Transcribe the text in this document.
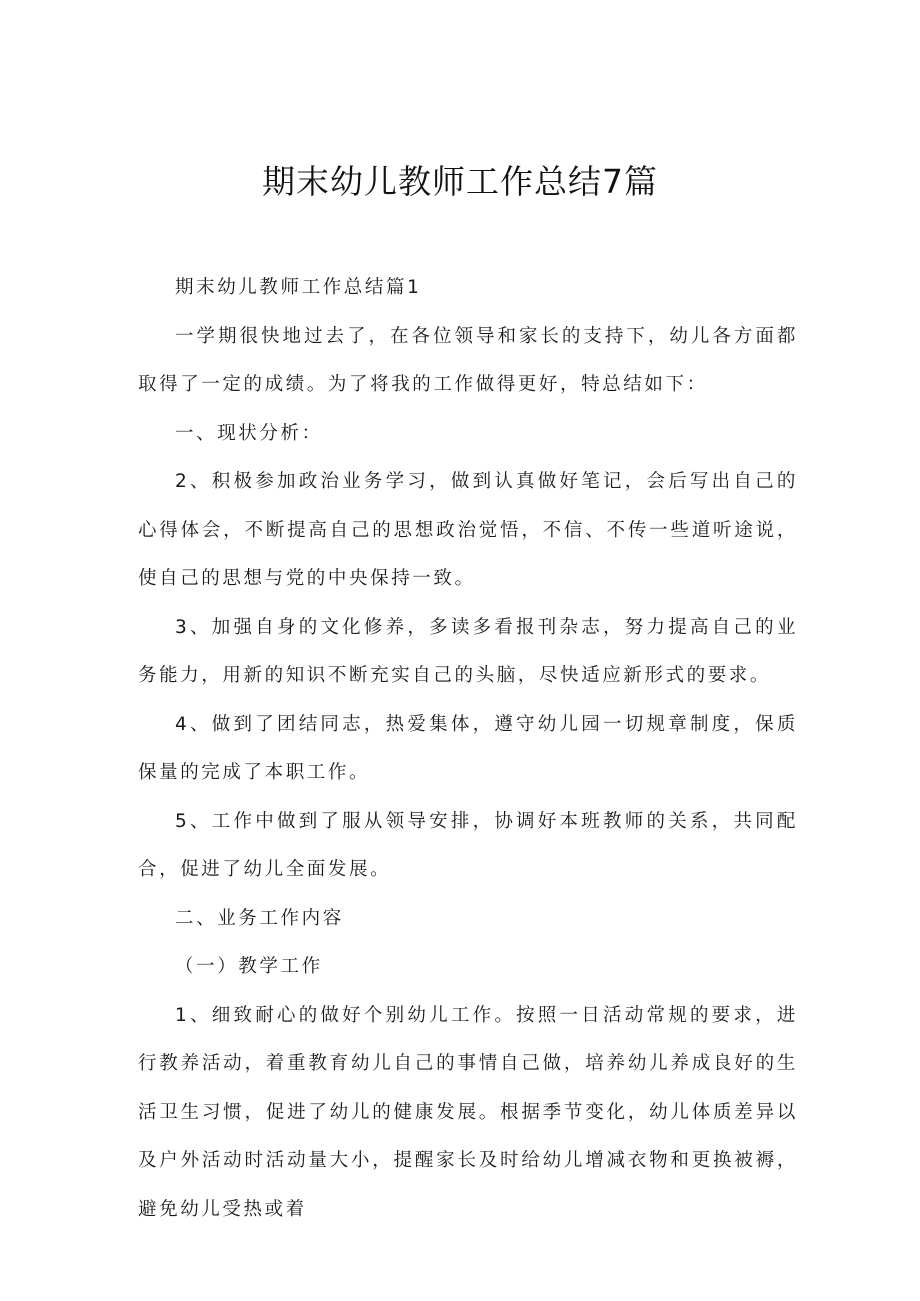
期末幼儿教师工作总结7篇

期末幼儿教师工作总结篇1

一学期很快地过去了，在各位领导和家长的支持下，幼儿各方面都取得了一定的成绩。为了将我的工作做得更好，特总结如下：

一、现状分析：

2、积极参加政治业务学习，做到认真做好笔记，会后写出自己的心得体会，不断提高自己的思想政治觉悟，不信、不传一些道听途说，使自己的思想与党的中央保持一致。

3、加强自身的文化修养，多读多看报刊杂志，努力提高自己的业务能力，用新的知识不断充实自己的头脑，尽快适应新形式的要求。

4、做到了团结同志，热爱集体，遵守幼儿园一切规章制度，保质保量的完成了本职工作。

5、工作中做到了服从领导安排，协调好本班教师的关系，共同配合，促进了幼儿全面发展。

二、业务工作内容

（一）教学工作

1、细致耐心的做好个别幼儿工作。按照一日活动常规的要求，进行教养活动，着重教育幼儿自己的事情自己做，培养幼儿养成良好的生活卫生习惯，促进了幼儿的健康发展。根据季节变化，幼儿体质差异以及户外活动时活动量大小，提醒家长及时给幼儿增减衣物和更换被褥，避免幼儿受热或着
